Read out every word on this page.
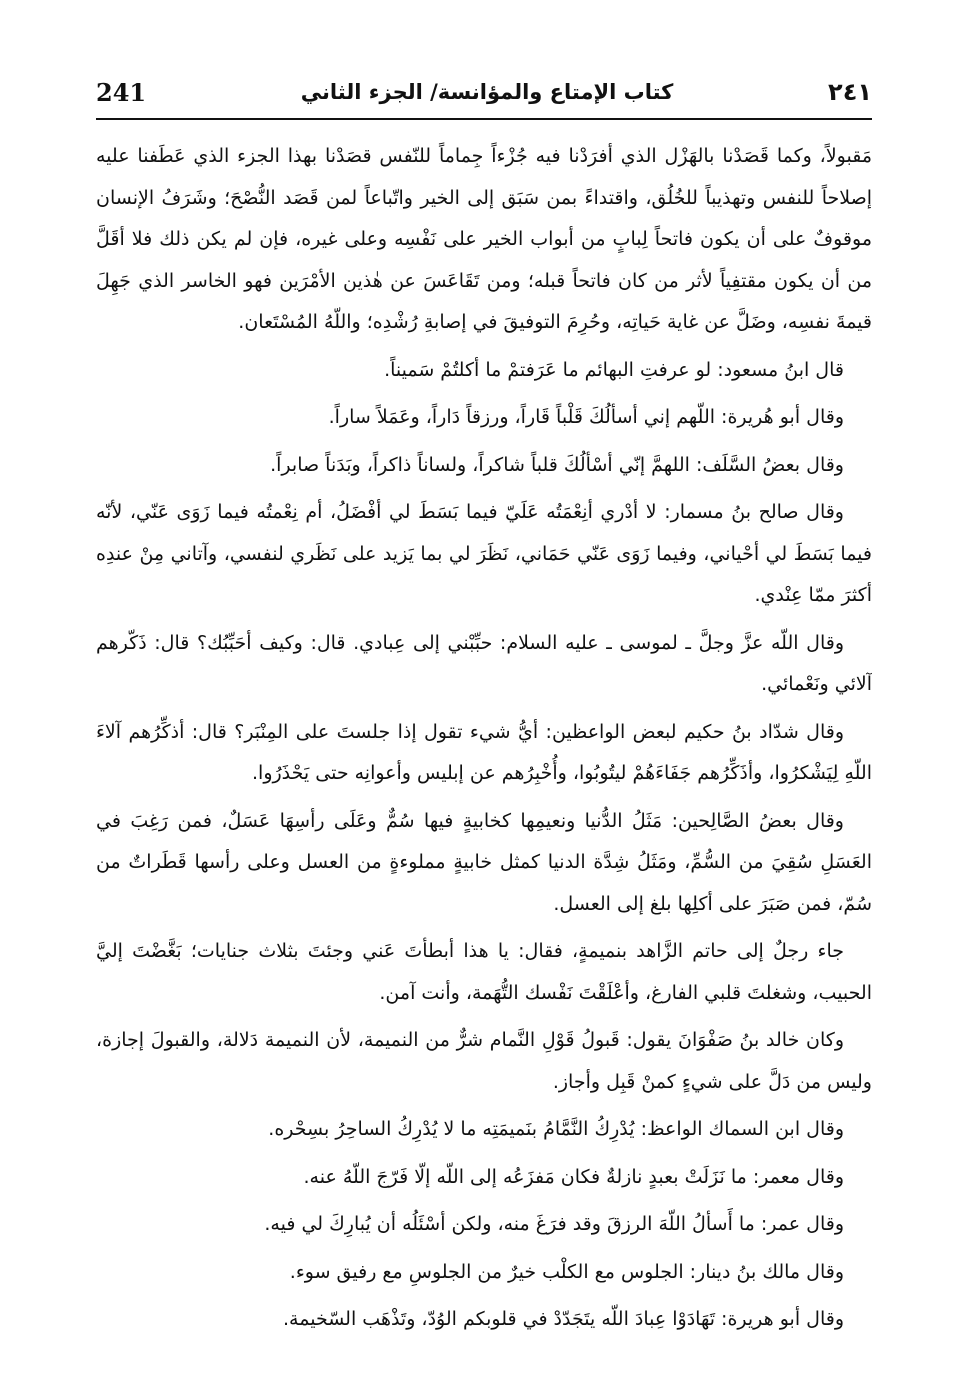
241	كتاب الإمتاع والمؤانسة/ الجزء الثاني	٢٤١

مَقبولاً، وكما قَصَدْنا بالهَزْل الذي أفرَدْنا فيه جُزْءاً جِماماً للنّفس قصَدْنا بهذا الجزء الذي عَطَفنا عليه إصلاحاً للنفس وتهذيباً للخُلُق، واقتداءً بمن سَبَق إلى الخير واتّباعاً لمن قَصَد النُّصْحَ؛ وشَرَفُ الإنسان موقوفٌ على أن يكون فاتحاً لِبابٍ من أبواب الخير على نَفْسِه وعلى غيره، فإن لم يكن ذلك فلا أقَلَّ من أن يكون مقتفِياً لأثر من كان فاتحاً قبله؛ ومن تَقَاعَسَ عن هٰذين الأمْرَين فهو الخاسر الذي جَهِلَ قيمةَ نفسِه، وضَلَّ عن غاية حَياتِه، وحُرِمَ التوفيقَ في إصابةِ رُشْدِه؛ واللّهُ المُسْتَعان.

قال ابنُ مسعود: لو عرفتِ البهائم ما عَرَفتمْ ما أكلتُمْ سَميناً.

وقال أبو هُريرة: اللّهم إني أسألُكَ قَلْباً قَاراً، ورزقاً دَاراً، وعَمَلاً ساراً.

وقال بعضُ السَّلَف: اللهمَّ إنّي أسْألُكَ قلباً شاكراً، ولساناً ذاكراً، وبَدَناً صابراً.

وقال صالح بنُ مسمار: لا أدْري أنِعْمَتُه عَلَيّ فيما بَسَطَ لي أفْضَلُ، أم نِعْمتُه فيما زَوَى عَنّي، لأنّه فيما بَسَطَ لي أحْياني، وفيما زَوَى عَنّي حَمَاني، نَظَرَ لي بما يَزيد على نَظَري لنفسي، وآتاني مِنْ عندِه أكثرَ ممّا عِنْدي.

وقال اللّه عزَّ وجلَّ ـ لموسى ـ عليه السلام: حبِّبْني إلى عِبادي. قال: وكيف أحَبِّبُك؟ قال: ذَكّرهم آلائي ونَعْمائي.

وقال شدّاد بنُ حكيم لبعض الواعظين: أيُّ شيء تقول إذا جلستَ على المِنْبَر؟ قال: أذكِّرُهم آلاءَ اللّهِ لِيَشْكرُوا، وأذَكِّرُهم جَفَاءَهُمْ ليتُوبُوا، وأُخْبِرُهم عن إبليس وأعوانِه حتى يَحْذَرُوا.

وقال بعضُ الصَّالِحين: مَثَلُ الدُّنيا ونعيمِها كخابيةٍ فيها سُمٌّ وعَلَى رأسِهَا عَسَلٌ، فمن رَغِبَ في العَسَلِ سُقِيَ من السُّمِّ، ومَثَلُ شِدَّة الدنيا كمثل خابيةٍ مملوءةٍ من العسل وعلى رأسها قَطَراتٌ من سُمّ، فمن صَبَرَ على أكلِها بلغ إلى العسل.

جاء رجلٌ إلى حاتم الزَّاهد بنميمةٍ، فقال: يا هذا أبطأتَ عَني وجئتَ بثلاث جنايات؛ بَغَّضْتَ إليَّ الحبيب، وشغلتَ قلبي الفارغ، وأعْلَقْتَ نَفْسك التُّهَمة، وأنت آمن.

وكان خالد بنُ صَفْوَانَ يقول: قَبولُ قَوْلِ النَّمام شرٌّ من النميمة، لأن النميمة دَلالة، والقبولَ إجازة، وليس من دَلَّ على شيءٍ كمنْ قَبِل وأجاز.

وقال ابن السماك الواعظ: يُدْرِكُ النَّمَّامُ بنَميمَتِه ما لا يُدْرِكُ الساحِرُ بسِحْره.

وقال معمر: ما نَزَلَتْ بعبدٍ نازلةٌ فكان مَفزَعُه إلى اللّه إلّا فَرّجَ اللّهُ عنه.

وقال عمر: ما أَسألُ اللّهَ الرزقَ وقد فرَغَ منه، ولكن أسْئَلُه أن يُبارِكَ لي فيه.

وقال مالك بنُ دينار: الجلوس مع الكلْب خيرٌ من الجلوسِ مع رفيق سوء.

وقال أبو هريرة: تَهَادَوْا عِبادَ اللّه يتَجَدّدْ في قلوبكم الوُدّ، وتَذْهَب السّخيمة.
